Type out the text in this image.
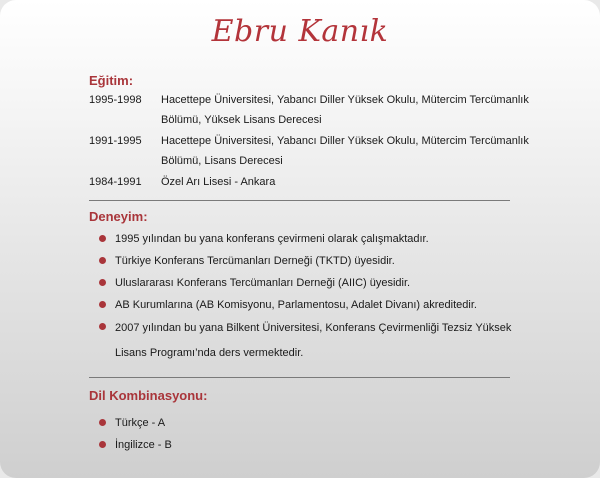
Ebru Kanık
Eğitim:
1995-1998 Hacettepe Üniversitesi, Yabancı Diller Yüksek Okulu, Mütercim Tercümanlık Bölümü, Yüksek Lisans Derecesi
1991-1995 Hacettepe Üniversitesi, Yabancı Diller Yüksek Okulu, Mütercim Tercümanlık Bölümü, Lisans Derecesi
1984-1991 Özel Arı Lisesi - Ankara
Deneyim:
1995 yılından bu yana konferans çevirmeni olarak çalışmaktadır.
Türkiye Konferans Tercümanları Derneği (TKTD) üyesidir.
Uluslararası Konferans Tercümanları Derneği (AIIC) üyesidir.
AB Kurumlarına (AB Komisyonu, Parlamentosu, Adalet Divanı) akreditedir.
2007 yılından bu yana Bilkent Üniversitesi, Konferans Çevirmenliği Tezsiz Yüksek Lisans Programı’nda ders vermektedir.
Dil Kombinasyonu:
Türkçe - A
İngilizce - B
